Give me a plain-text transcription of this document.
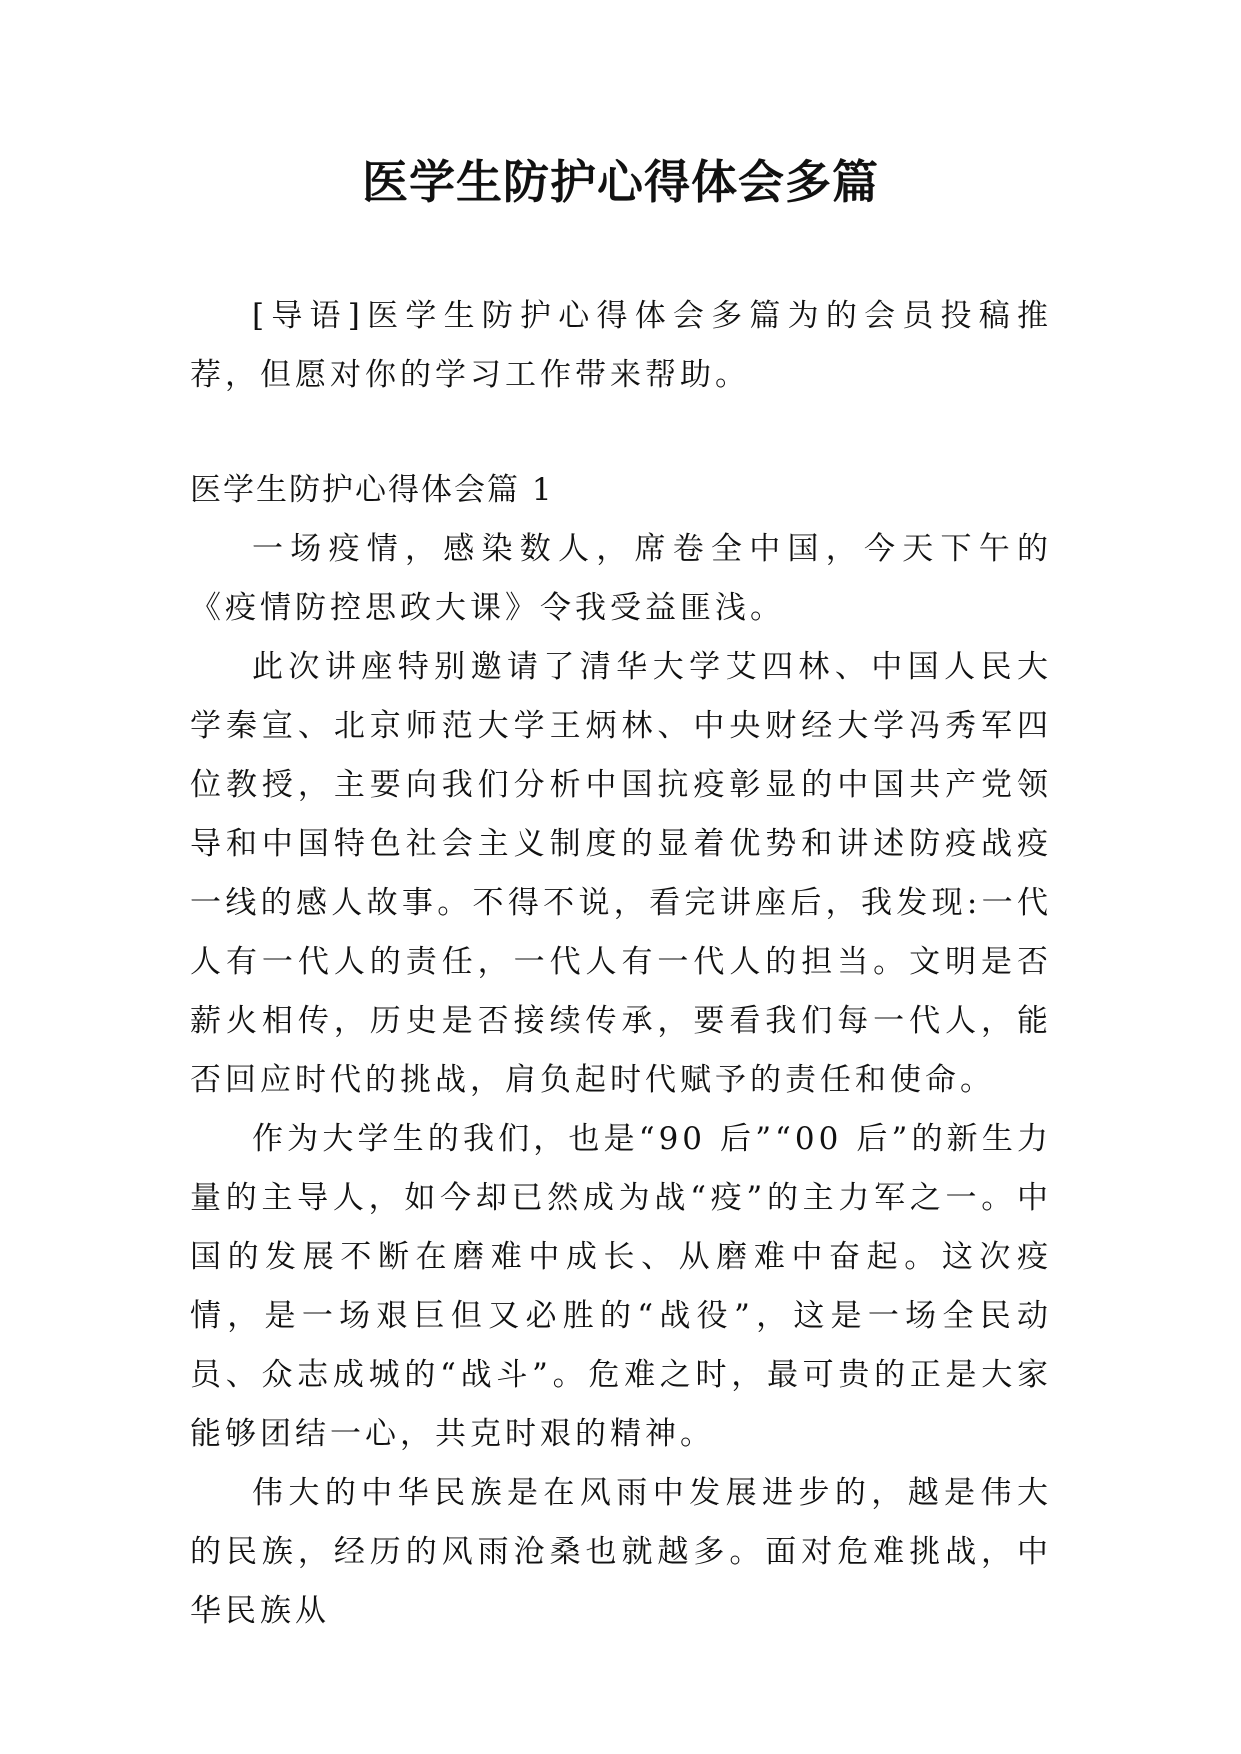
医学生防护心得体会多篇

[导语]医学生防护心得体会多篇为的会员投稿推荐，但愿对你的学习工作带来帮助。

医学生防护心得体会篇 1

一场疫情，感染数人，席卷全中国，今天下午的《疫情防控思政大课》令我受益匪浅。

此次讲座特别邀请了清华大学艾四林、中国人民大学秦宣、北京师范大学王炳林、中央财经大学冯秀军四位教授，主要向我们分析中国抗疫彰显的中国共产党领导和中国特色社会主义制度的显着优势和讲述防疫战疫一线的感人故事。不得不说，看完讲座后，我发现:一代人有一代人的责任，一代人有一代人的担当。文明是否薪火相传，历史是否接续传承，要看我们每一代人，能否回应时代的挑战，肩负起时代赋予的责任和使命。

作为大学生的我们，也是“90 后”“00 后”的新生力量的主导人，如今却已然成为战“疫”的主力军之一。中国的发展不断在磨难中成长、从磨难中奋起。这次疫情，是一场艰巨但又必胜的“战役”，这是一场全民动员、众志成城的“战斗”。危难之时，最可贵的正是大家能够团结一心，共克时艰的精神。

伟大的中华民族是在风雨中发展进步的，越是伟大的民族，经历的风雨沧桑也就越多。面对危难挑战，中华民族从
